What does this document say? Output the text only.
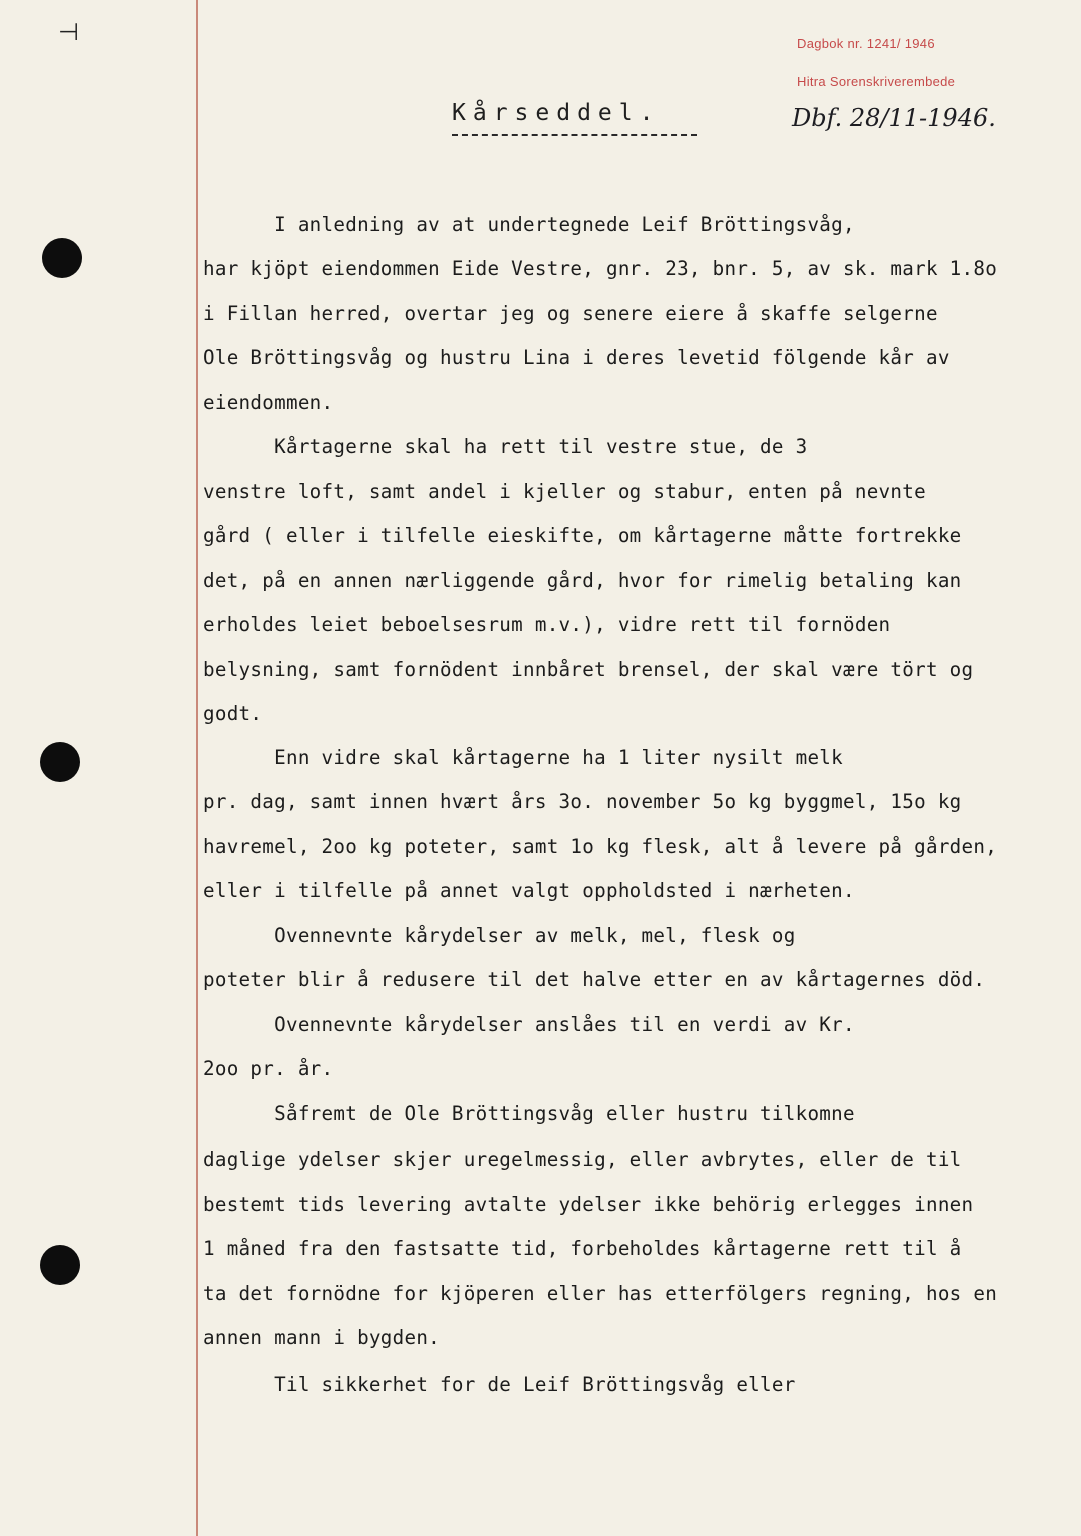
⊣	Dagbok nr. 1241/ 1946
Hitra Sorenskriverembede
Dbf. 28/11-1946.
Kårseddel.
I anledning av at undertegnede Leif Bröttingsvåg,
har kjöpt eiendommen Eide Vestre, gnr. 23, bnr. 5, av sk. mark 1.8o
i Fillan herred, overtar jeg og senere eiere å skaffe selgerne
Ole Bröttingsvåg og hustru Lina i deres levetid fölgende kår av
eiendommen.
Kårtagerne skal ha rett til vestre stue, de 3
venstre loft, samt andel i kjeller og stabur, enten på nevnte
gård ( eller i tilfelle eieskifte, om kårtagerne måtte fortrekke
det, på en annen nærliggende gård, hvor for rimelig betaling kan
erholdes leiet beboelsesrum m.v.), vidre rett til fornöden
belysning, samt fornödent innbåret brensel, der skal være tört og
godt.
Enn vidre skal kårtagerne ha 1 liter nysilt melk
pr. dag, samt innen hvært års 3o. november 5o kg byggmel, 15o kg
havremel, 2oo kg poteter, samt 1o kg flesk, alt å levere på gården,
eller i tilfelle på annet valgt oppholdsted i nærheten.
Ovennevnte kårydelser av melk, mel, flesk og
poteter blir å redusere til det halve etter en av kårtagernes död.
Ovennevnte kårydelser anslåes til en verdi av Kr.
2oo pr. år.
Såfremt de Ole Bröttingsvåg eller hustru tilkomne
daglige ydelser skjer uregelmessig, eller avbrytes, eller de til
bestemt tids levering avtalte ydelser ikke behörig erlegges innen
1 måned fra den fastsatte tid, forbeholdes kårtagerne rett til å
ta det fornödne for kjöperen eller has etterfölgers regning, hos en
annen mann i bygden.
Til sikkerhet for de Leif Bröttingsvåg eller
